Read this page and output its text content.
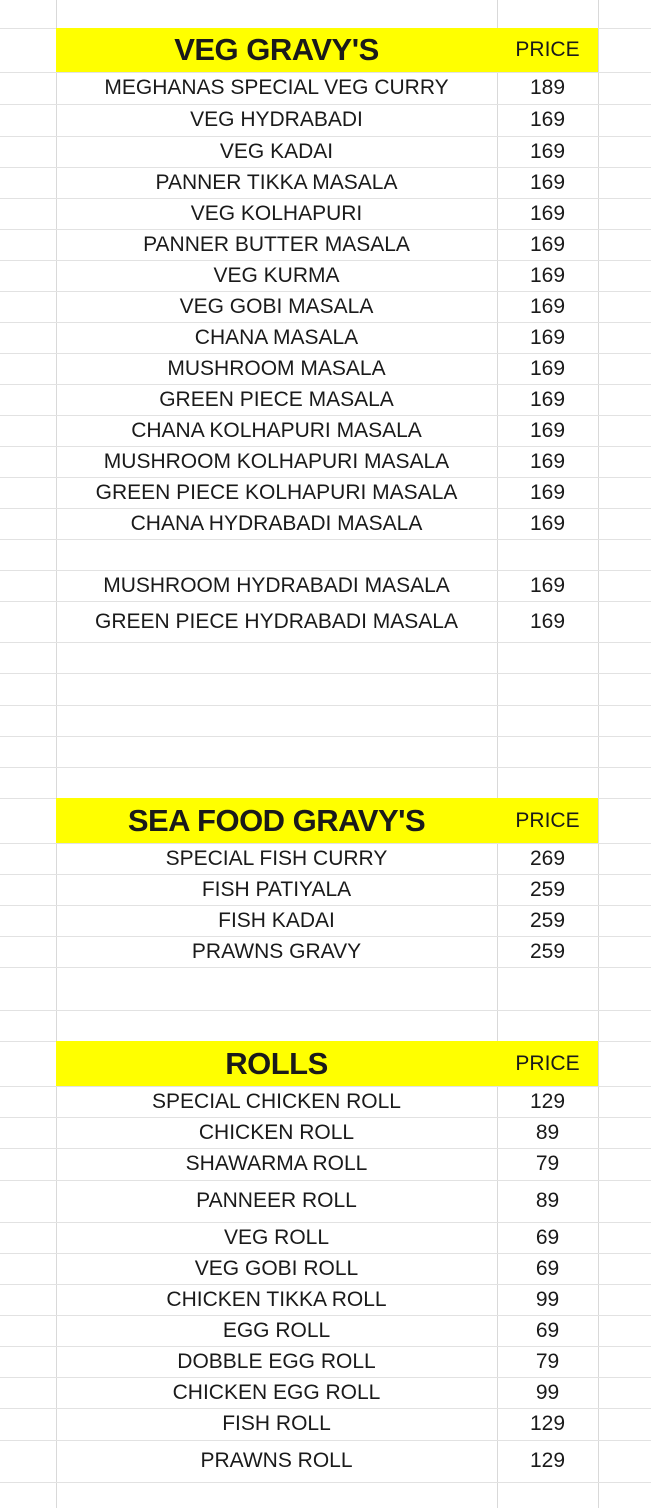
VEG GRAVY'S	PRICE
MEGHANAS SPECIAL VEG CURRY	189
VEG HYDRABADI	169
VEG KADAI	169
PANNER TIKKA MASALA	169
VEG KOLHAPURI	169
PANNER BUTTER MASALA	169
VEG KURMA	169
VEG GOBI MASALA	169
CHANA MASALA	169
MUSHROOM MASALA	169
GREEN PIECE MASALA	169
CHANA KOLHAPURI MASALA	169
MUSHROOM KOLHAPURI MASALA	169
GREEN PIECE KOLHAPURI MASALA	169
CHANA HYDRABADI MASALA	169
MUSHROOM HYDRABADI MASALA	169
GREEN PIECE HYDRABADI MASALA	169
SEA FOOD GRAVY'S	PRICE
SPECIAL FISH CURRY	269
FISH PATIYALA	259
FISH KADAI	259
PRAWNS GRAVY	259
ROLLS	PRICE
SPECIAL CHICKEN ROLL	129
CHICKEN ROLL	89
SHAWARMA ROLL	79
PANNEER ROLL	89
VEG ROLL	69
VEG GOBI ROLL	69
CHICKEN TIKKA ROLL	99
EGG ROLL	69
DOBBLE EGG ROLL	79
CHICKEN EGG ROLL	99
FISH ROLL	129
PRAWNS ROLL	129
